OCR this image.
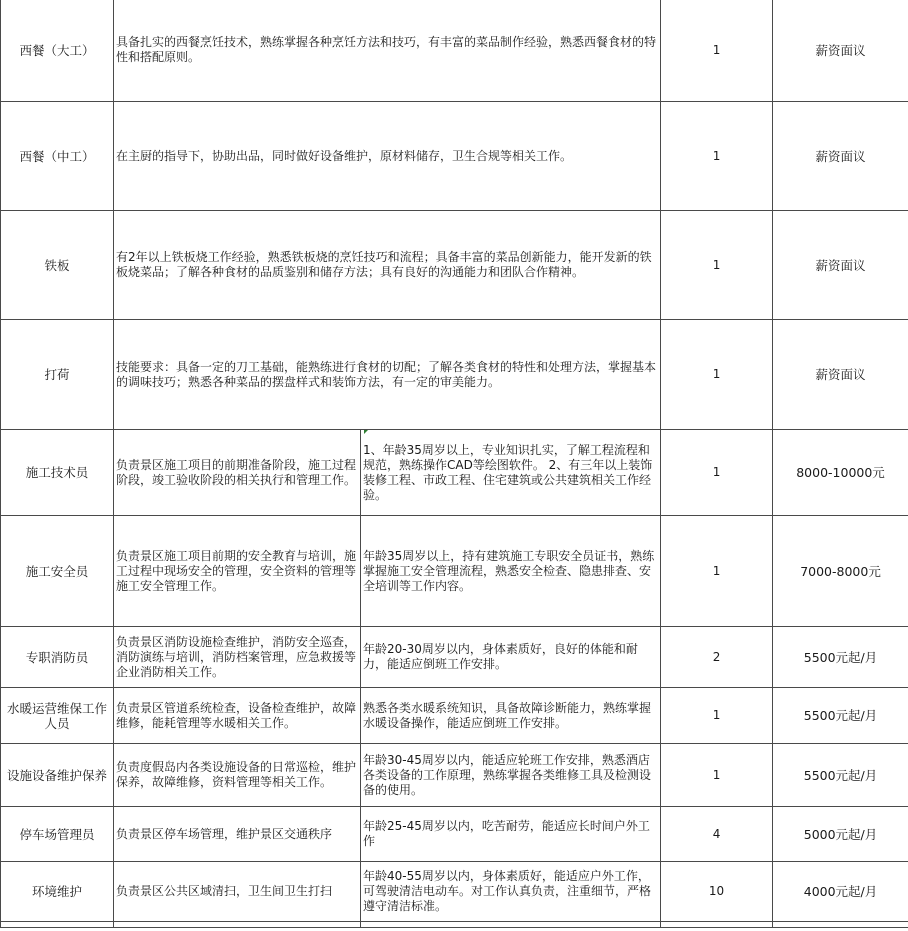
西餐（大工）	具备扎实的西餐烹饪技术，熟练掌握各种烹饪方法和技巧，有丰富的菜品制作经验，熟悉西餐食材的特性和搭配原则。		1	薪资面议
西餐（中工）	在主厨的指导下，协助出品，同时做好设备维护，原材料储存，卫生合规等相关工作。		1	薪资面议
铁板	有2年以上铁板烧工作经验，熟悉铁板烧的烹饪技巧和流程；具备丰富的菜品创新能力，能开发新的铁板烧菜品；了解各种食材的品质鉴别和储存方法；具有良好的沟通能力和团队合作精神。		1	薪资面议
打荷	技能要求：具备一定的刀工基础，能熟练进行食材的切配；了解各类食材的特性和处理方法，掌握基本的调味技巧；熟悉各种菜品的摆盘样式和装饰方法，有一定的审美能力。		1	薪资面议
施工技术员	负责景区施工项目的前期准备阶段，施工过程阶段，竣工验收阶段的相关执行和管理工作。	1、年龄35周岁以上，专业知识扎实，了解工程流程和规范，熟练操作CAD等绘图软件。 2、有三年以上装饰装修工程、市政工程、住宅建筑或公共建筑相关工作经验。	1	8000-10000元
施工安全员	负责景区施工项目前期的安全教育与培训，施工过程中现场安全的管理，安全资料的管理等施工安全管理工作。	年龄35周岁以上，持有建筑施工专职安全员证书，熟练掌握施工安全管理流程，熟悉安全检查、隐患排查、安全培训等工作内容。	1	7000-8000元
专职消防员	负责景区消防设施检查维护，消防安全巡查，消防演练与培训，消防档案管理，应急救援等企业消防相关工作。	年龄20-30周岁以内，身体素质好，良好的体能和耐力，能适应倒班工作安排。	2	5500元起/月
水暖运营维保工作人员	负责景区管道系统检查，设备检查维护，故障维修，能耗管理等水暖相关工作。	熟悉各类水暖系统知识，具备故障诊断能力，熟练掌握水暖设备操作，能适应倒班工作安排。	1	5500元起/月
设施设备维护保养	负责度假岛内各类设施设备的日常巡检，维护保养，故障维修，资料管理等相关工作。	年龄30-45周岁以内，能适应轮班工作安排，熟悉酒店各类设备的工作原理，熟练掌握各类维修工具及检测设备的使用。	1	5500元起/月
停车场管理员	负责景区停车场管理，维护景区交通秩序	年龄25-45周岁以内，吃苦耐劳，能适应长时间户外工作	4	5000元起/月
环境维护	负责景区公共区域清扫，卫生间卫生打扫	年龄40-55周岁以内，身体素质好，能适应户外工作，可驾驶清洁电动车。对工作认真负责，注重细节，严格遵守清洁标准。	10	4000元起/月
